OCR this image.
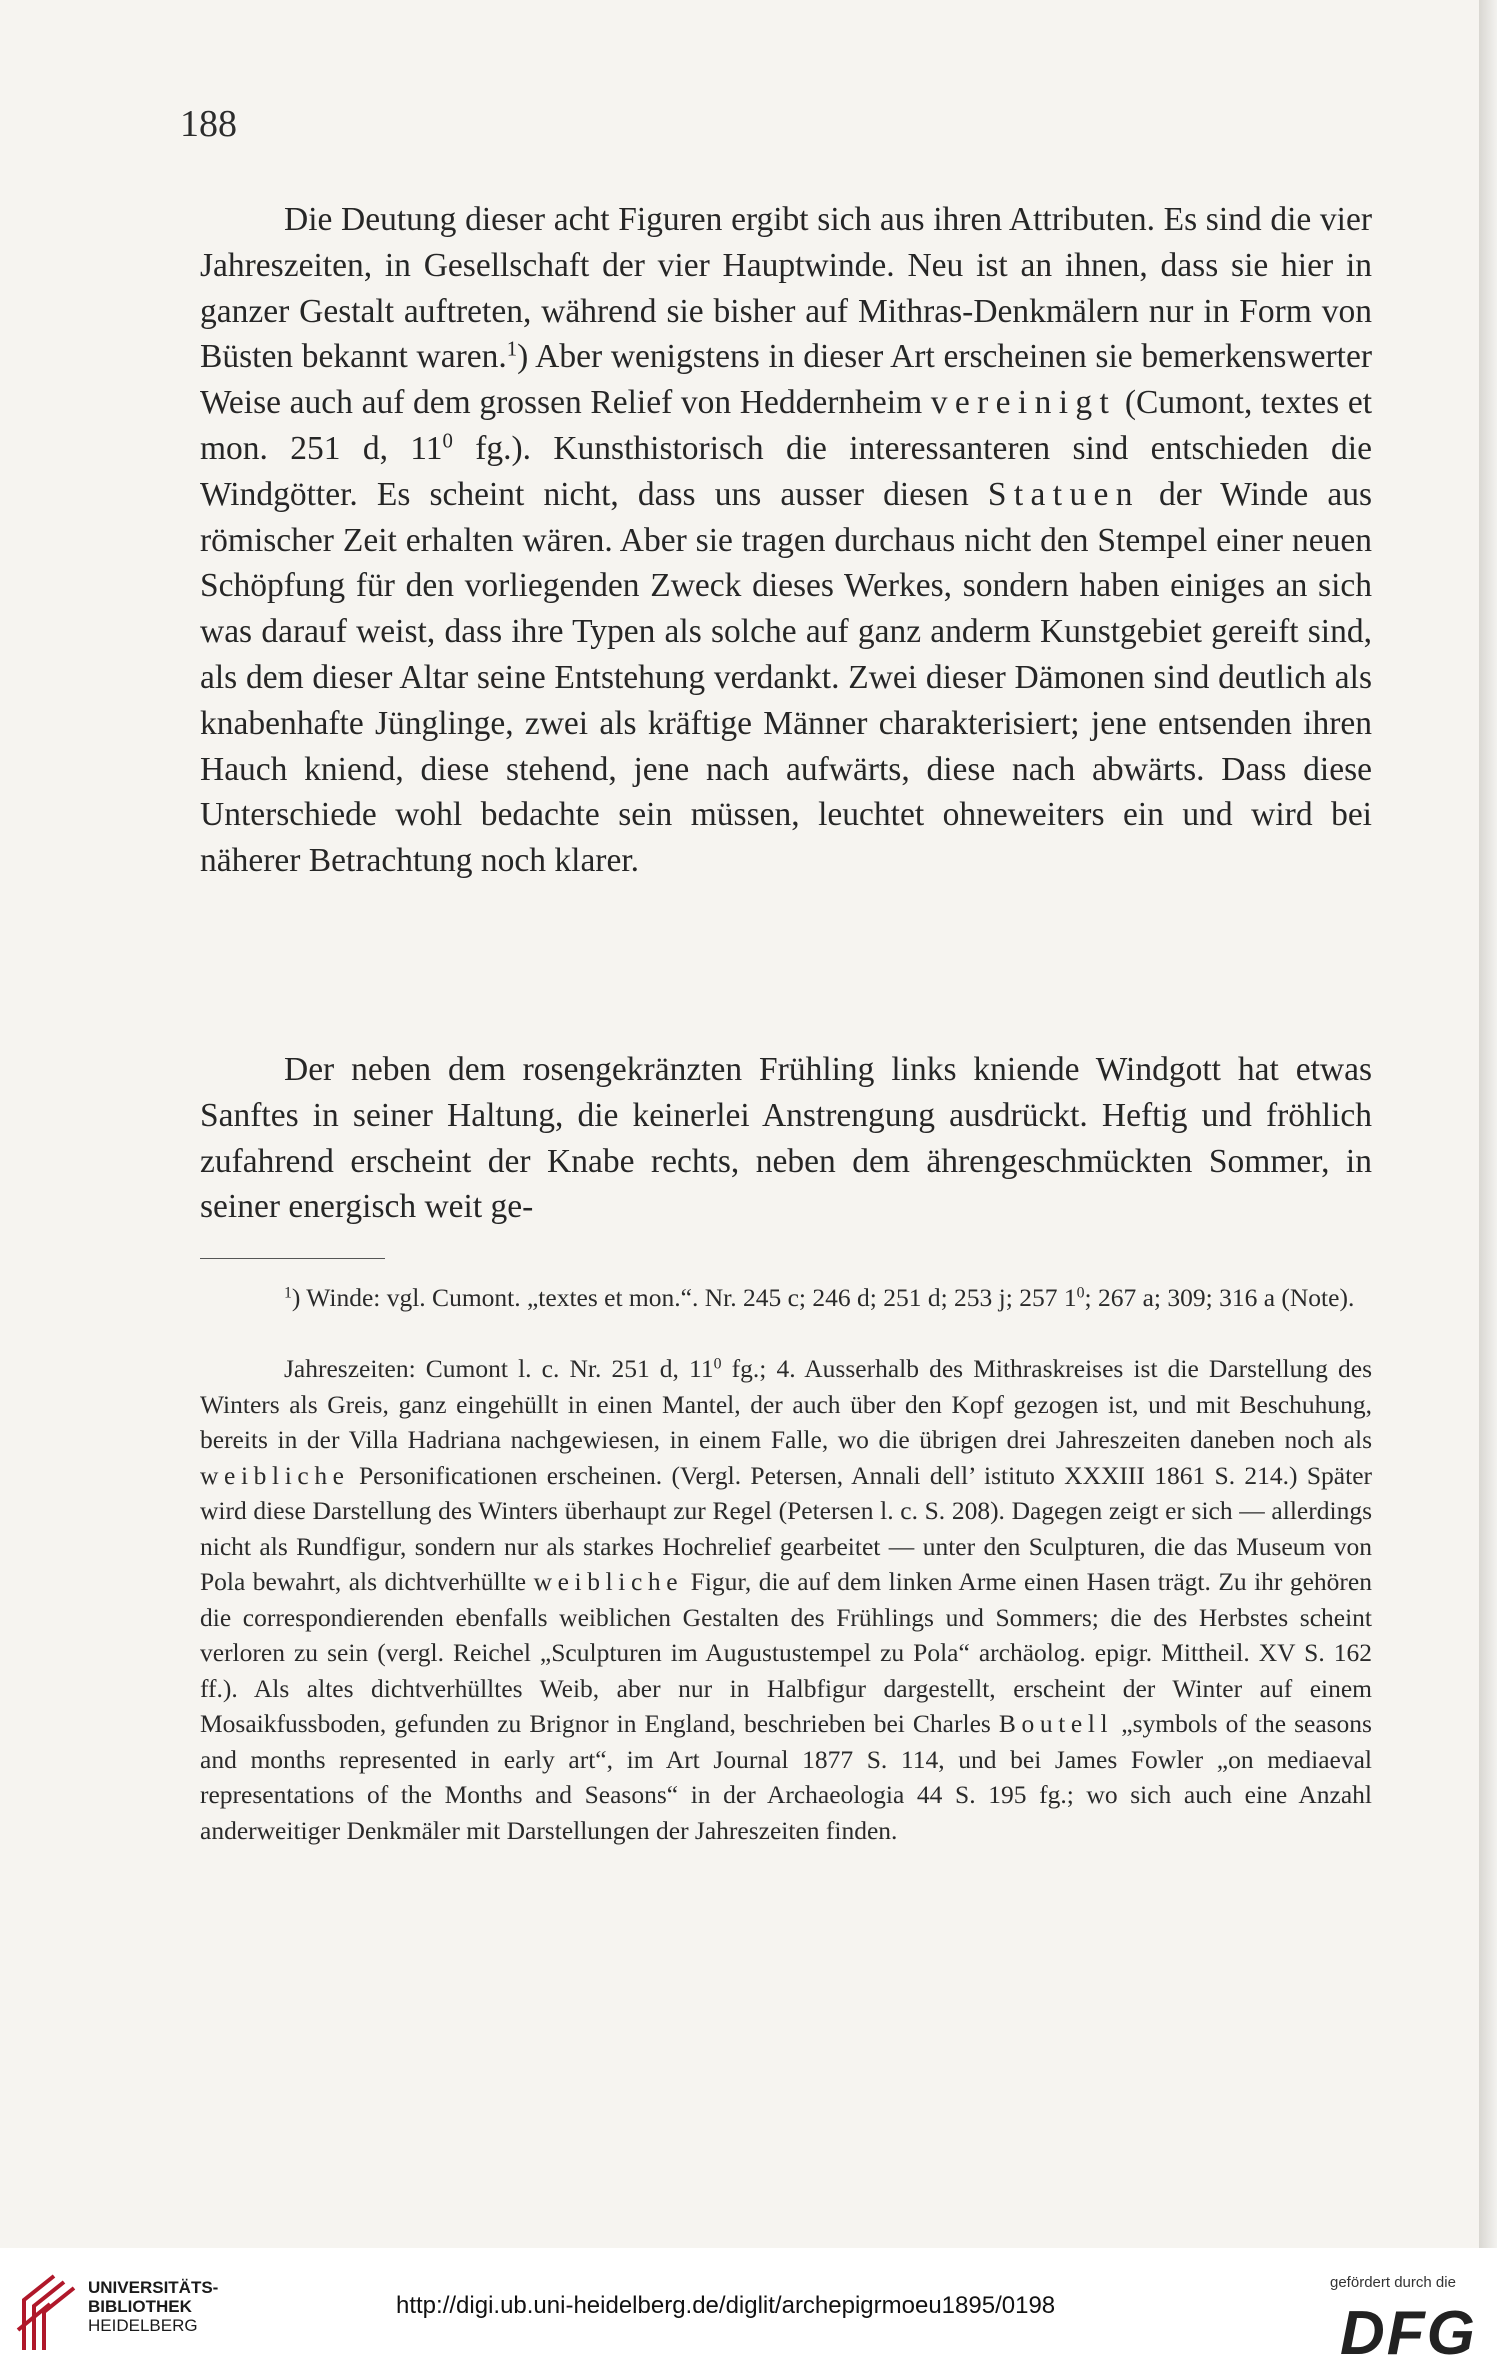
188

Die Deutung dieser acht Figuren ergibt sich aus ihren Attributen. Es sind die vier Jahreszeiten, in Gesellschaft der vier Hauptwinde. Neu ist an ihnen, dass sie hier in ganzer Gestalt auftreten, während sie bisher auf Mithras-Denkmälern nur in Form von Büsten bekannt waren.$^1$) Aber wenigstens in dieser Art erscheinen sie bemerkenswerter Weise auch auf dem grossen Relief von Heddernheim vereinigt (Cumont, textes et mon. 251 d, $11^0$ fg.). Kunsthistorisch die interessanteren sind entschieden die Windgötter. Es scheint nicht, dass uns ausser diesen Statuen der Winde aus römischer Zeit erhalten wären. Aber sie tragen durchaus nicht den Stempel einer neuen Schöpfung für den vorliegenden Zweck dieses Werkes, sondern haben einiges an sich was darauf weist, dass ihre Typen als solche auf ganz anderm Kunstgebiet gereift sind, als dem dieser Altar seine Entstehung verdankt. Zwei dieser Dämonen sind deutlich als knabenhafte Jünglinge, zwei als kräftige Männer charakterisiert; jene entsenden ihren Hauch kniend, diese stehend, jene nach aufwärts, diese nach abwärts. Dass diese Unterschiede wohl bedachte sein müssen, leuchtet ohneweiters ein und wird bei näherer Betrachtung noch klarer.

Der neben dem rosengekränzten Frühling links kniende Windgott hat etwas Sanftes in seiner Haltung, die keinerlei Anstrengung ausdrückt. Heftig und fröhlich zufahrend erscheint der Knabe rechts, neben dem ährengeschmückten Sommer, in seiner energisch weit ge-

$^1$) Winde: vgl. Cumont. „textes et mon.“. Nr. 245 c; 246 d; 251 d; 253 j; 257 $1^0$; 267 a; 309; 316 a (Note).

Jahreszeiten: Cumont l. c. Nr. 251 d, $11^0$ fg.; 4. Ausserhalb des Mithraskreises ist die Darstellung des Winters als Greis, ganz eingehüllt in einen Mantel, der auch über den Kopf gezogen ist, und mit Beschuhung, bereits in der Villa Hadriana nachgewiesen, in einem Falle, wo die übrigen drei Jahreszeiten daneben noch als weibliche Personificationen erscheinen. (Vergl. Petersen, Annali dell’ istituto XXXIII 1861 S. 214.) Später wird diese Darstellung des Winters überhaupt zur Regel (Petersen l. c. S. 208). Dagegen zeigt er sich — allerdings nicht als Rundfigur, sondern nur als starkes Hochrelief gearbeitet — unter den Sculpturen, die das Museum von Pola bewahrt, als dichtverhüllte weibliche Figur, die auf dem linken Arme einen Hasen trägt. Zu ihr gehören die correspondierenden ebenfalls weiblichen Gestalten des Frühlings und Sommers; die des Herbstes scheint verloren zu sein (vergl. Reichel „Sculpturen im Augustustempel zu Pola“ archäolog. epigr. Mittheil. XV S. 162 ff.). Als altes dichtverhülltes Weib, aber nur in Halbfigur dargestellt, erscheint der Winter auf einem Mosaikfussboden, gefunden zu Brignor in England, beschrieben bei Charles Boutell „symbols of the seasons and months represented in early art“, im Art Journal 1877 S. 114, und bei James Fowler „on mediaeval representations of the Months and Seasons“ in der Archaeologia 44 S. 195 fg.; wo sich auch eine Anzahl anderweitiger Denkmäler mit Darstellungen der Jahreszeiten finden.

UNIVERSITÄTS-
BIBLIOTHEK
HEIDELBERG
http://digi.ub.uni-heidelberg.de/diglit/archepigrmoeu1895/0198
gefördert durch die
DFG
